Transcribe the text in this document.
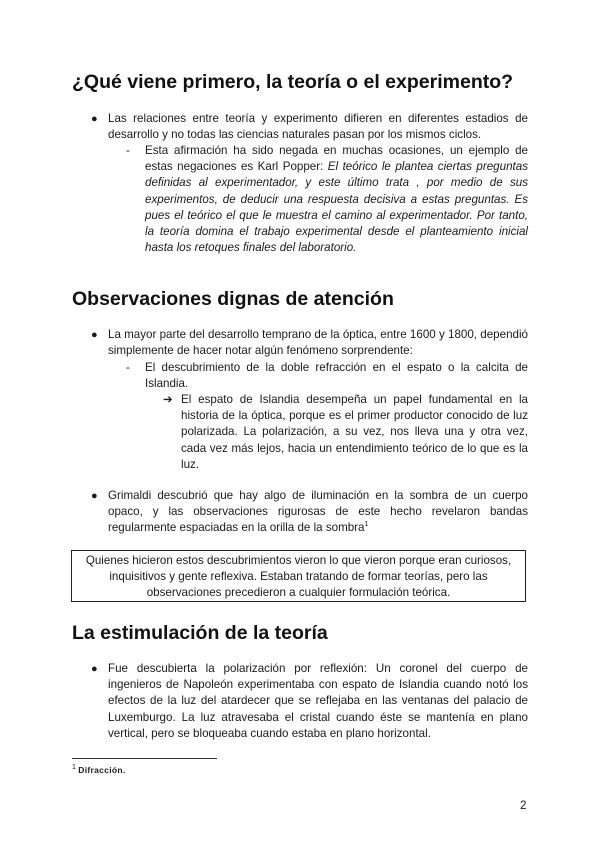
¿Qué viene primero, la teoría o el experimento?
● Las relaciones entre teoría y experimento difieren en diferentes estadios de desarrollo y no todas las ciencias naturales pasan por los mismos ciclos.

- Esta afirmación ha sido negada en muchas ocasiones, un ejemplo de estas negaciones es Karl Popper: El teórico le plantea ciertas preguntas definidas al experimentador, y este último trata , por medio de sus experimentos, de deducir una respuesta decisiva a estas preguntas. Es pues el teórico el que le muestra el camino al experimentador. Por tanto, la teoría domina el trabajo experimental desde el planteamiento inicial hasta los retoques finales del laboratorio.

Observaciones dignas de atención
● La mayor parte del desarrollo temprano de la óptica, entre 1600 y 1800, dependió simplemente de hacer notar algún fenómeno sorprendente:

- El descubrimiento de la doble refracción en el espato o la calcita de Islandia.

➔ El espato de Islandia desempeña un papel fundamental en la historia de la óptica, porque es el primer productor conocido de luz polarizada. La polarización, a su vez, nos lleva una y otra vez, cada vez más lejos, hacia un entendimiento teórico de lo que es la luz.

● Grimaldi descubrió que hay algo de iluminación en la sombra de un cuerpo opaco, y las observaciones rigurosas de este hecho revelaron bandas regularmente espaciadas en la orilla de la sombra$^1$

Quienes hicieron estos descubrimientos vieron lo que vieron porque eran curiosos, inquisitivos y gente reflexiva. Estaban tratando de formar teorías, pero las observaciones precedieron a cualquier formulación teórica.
La estimulación de la teoría
● Fue descubierta la polarización por reflexión: Un coronel del cuerpo de ingenieros de Napoleón experimentaba con espato de Islandia cuando notó los efectos de la luz del atardecer que se reflejaba en las ventanas del palacio de Luxemburgo. La luz atravesaba el cristal cuando éste se mantenía en plano vertical, pero se bloqueaba cuando estaba en plano horizontal.

$^1$ Difracción.
2
